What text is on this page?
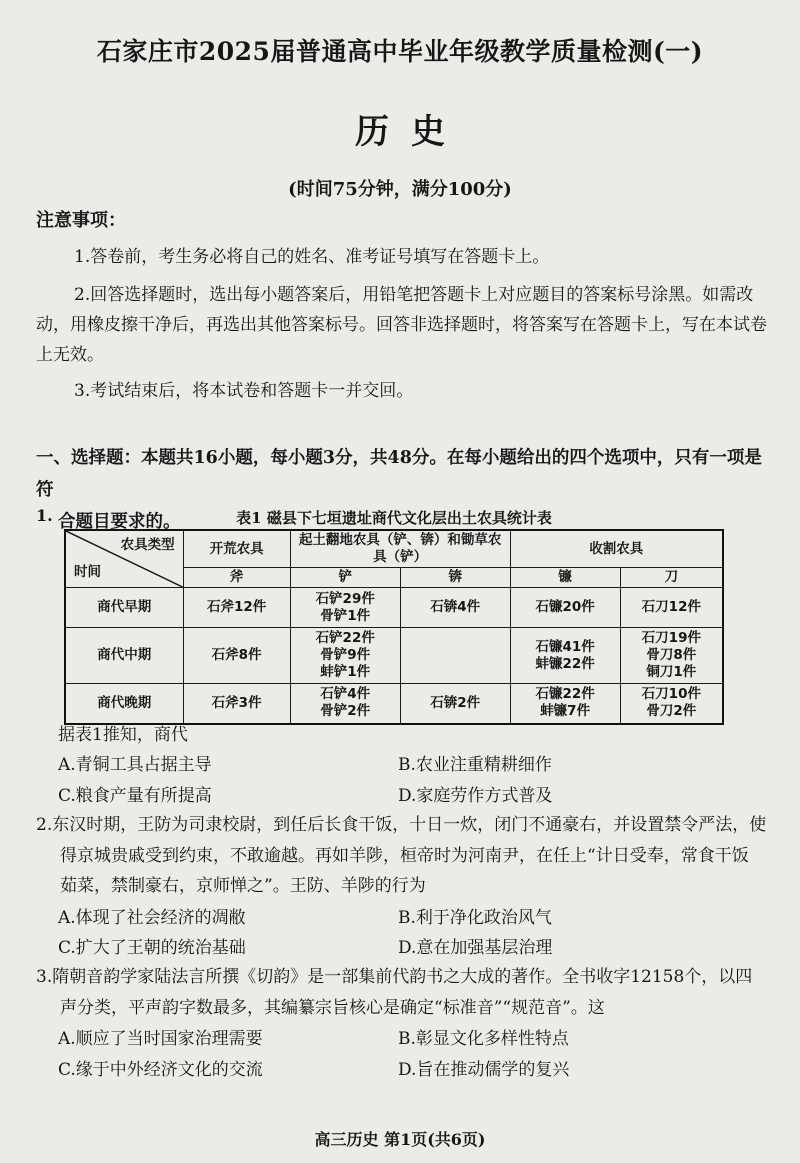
石家庄市2025届普通高中毕业年级教学质量检测(一)
历史
(时间75分钟，满分100分)
注意事项：
1.答卷前，考生务必将自己的姓名、准考证号填写在答题卡上。
2.回答选择题时，选出每小题答案后，用铅笔把答题卡上对应题目的答案标号涂黑。如需改动，用橡皮擦干净后，再选出其他答案标号。回答非选择题时，将答案写在答题卡上，写在本试卷上无效。
3.考试结束后，将本试卷和答题卡一并交回。
一、选择题：本题共16小题，每小题3分，共48分。在每小题给出的四个选项中，只有一项是符
合题目要求的。
1.	表1 磁县下七垣遗址商代文化层出土农具统计表
农具类型
时间	开荒农具	起土翻地农具（铲、锛）和锄草农具（铲）		收割农具	
	斧	铲	锛	镰	刀
商代早期	石斧12件	石铲29件
骨铲1件	石锛4件	石镰20件	石刀12件

商代中期	石斧8件	石铲22件
骨铲9件
蚌铲1件		石镰41件
蚌镰22件	石刀19件
骨刀8件
铜刀1件

商代晚期	石斧3件	石铲4件
骨铲2件	石锛2件	石镰22件
蚌镰7件	石刀10件
骨刀2件
据表1推知，商代
A.青铜工具占据主导	B.农业注重精耕细作
C.粮食产量有所提高	D.家庭劳作方式普及
2.东汉时期，王防为司隶校尉，到任后长食干饭，十日一炊，闭门不通豪右，并设置禁令严法，使
得京城贵戚受到约束，不敢逾越。再如羊陟，桓帝时为河南尹，在任上“计日受奉，常食干饭
茹菜，禁制豪右，京师惮之”。王防、羊陟的行为
A.体现了社会经济的凋敝	B.利于净化政治风气
C.扩大了王朝的统治基础	D.意在加强基层治理
3.隋朝音韵学家陆法言所撰《切韵》是一部集前代韵书之大成的著作。全书收字12158个，以四
声分类，平声韵字数最多，其编纂宗旨核心是确定“标准音”“规范音”。这
A.顺应了当时国家治理需要	B.彰显文化多样性特点
C.缘于中外经济文化的交流	D.旨在推动儒学的复兴
高三历史 第1页(共6页)
